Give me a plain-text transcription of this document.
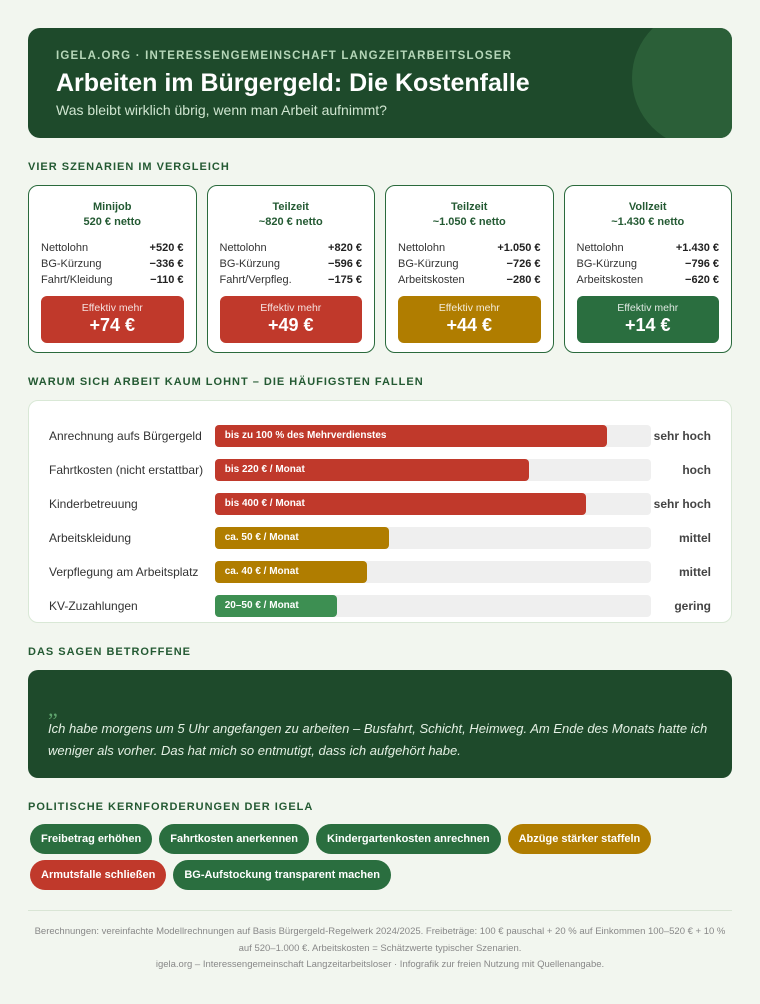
IGELA.ORG · INTERESSENGEMEINSCHAFT LANGZEITARBEITSLOSER
Arbeiten im Bürgergeld: Die Kostenfalle
Was bleibt wirklich übrig, wenn man Arbeit aufnimmt?
VIER SZENARIEN IM VERGLEICH
Minijob
520 € netto
Nettolohn	+520 €
BG-Kürzung	−336 €
Fahrt/Kleidung	−110 €
Effektiv mehr
+74 €
Teilzeit
~820 € netto
Nettolohn	+820 €
BG-Kürzung	−596 €
Fahrt/Verpfleg.	−175 €
Effektiv mehr
+49 €
Teilzeit
~1.050 € netto
Nettolohn	+1.050 €
BG-Kürzung	−726 €
Arbeitskosten	−280 €
Effektiv mehr
+44 €
Vollzeit
~1.430 € netto
Nettolohn	+1.430 €
BG-Kürzung	−796 €
Arbeitskosten	−620 €
Effektiv mehr
+14 €
WARUM SICH ARBEIT KAUM LOHNT – DIE HÄUFIGSTEN FALLEN
Anrechnung aufs Bürgergeld	bis zu 100 % des Mehrverdienstes	sehr hoch
Fahrtkosten (nicht erstattbar)	bis 220 € / Monat	hoch
Kinderbetreuung	bis 400 € / Monat	sehr hoch
Arbeitskleidung	ca. 50 € / Monat	mittel
Verpflegung am Arbeitsplatz	ca. 40 € / Monat	mittel
KV-Zuzahlungen	20–50 € / Monat	gering
DAS SAGEN BETROFFENE
„
Ich habe morgens um 5 Uhr angefangen zu arbeiten – Busfahrt, Schicht, Heimweg. Am Ende des Monats hatte ich weniger als vorher. Das hat mich so entmutigt, dass ich aufgehört habe.
POLITISCHE KERNFORDERUNGEN DER IGELA
Freibetrag erhöhen	Fahrtkosten anerkennen	Kindergartenkosten anrechnen	Abzüge stärker staffeln
Armutsfalle schließen	BG-Aufstockung transparent machen
Berechnungen: vereinfachte Modellrechnungen auf Basis Bürgergeld-Regelwerk 2024/2025. Freibeträge: 100 € pauschal + 20 % auf Einkommen 100–520 € + 10 % auf 520–1.000 €. Arbeitskosten = Schätzwerte typischer Szenarien.
igela.org – Interessengemeinschaft Langzeitarbeitsloser · Infografik zur freien Nutzung mit Quellenangabe.
